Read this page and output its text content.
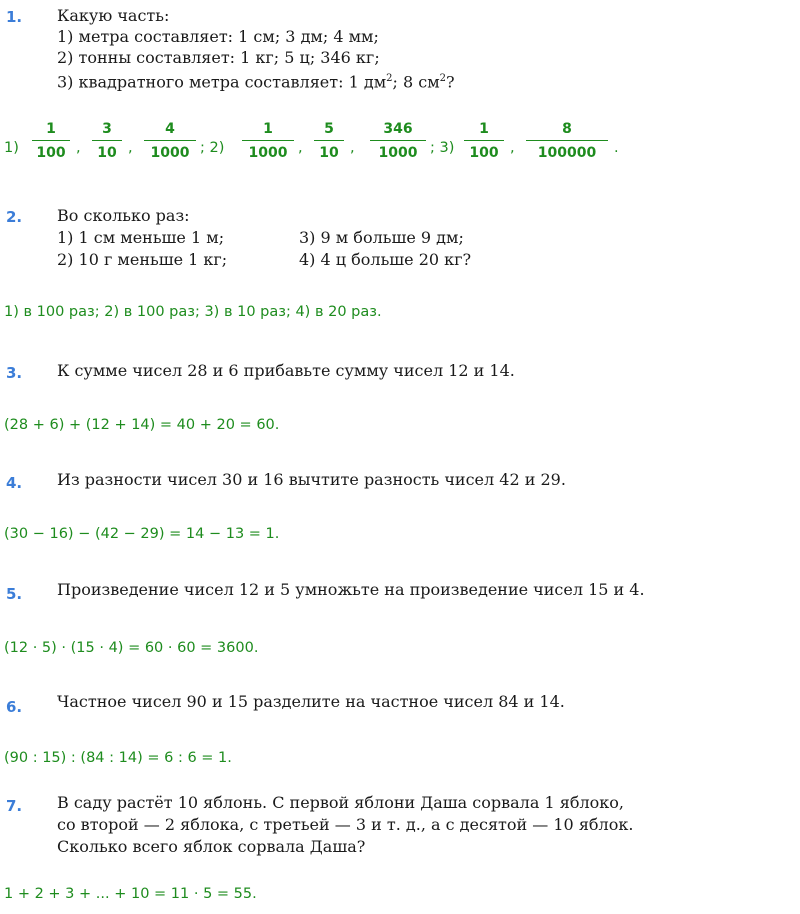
1. Какую часть:
1) метра составляет: 1 см; 3 дм; 4 мм;
2) тонны составляет: 1 кг; 5 ц; 346 кг;
3) квадратного метра составляет: 1 $дм^2$; 8 $см^2$?
1)
1
100 ,
3
10 ,
4
1000 ; 2)
1
1000 ,
5
10 ,
346
1000 ; 3)
1
100 ,
8
100000	.
2. Во сколько раз:
1) 1 см меньше 1 м;
2) 10 г меньше 1 кг;
3) 9 м больше 9 дм;
4) 4 ц больше 20 кг?
1) в 100 раз; 2) в 100 раз; 3) в 10 раз; 4) в 20 раз.
3. К сумме чисел 28 и 6 прибавьте сумму чисел 12 и 14.
(28 + 6) + (12 + 14) = 40 + 20 = 60.
4. Из разности чисел 30 и 16 вычтите разность чисел 42 и 29.
(30 − 16) − (42 − 29) = 14 − 13 = 1.
5. Произведение чисел 12 и 5 умножьте на произведение чисел 15 и 4.
(12 · 5) · (15 · 4) = 60 · 60 = 3600.
6. Частное чисел 90 и 15 разделите на частное чисел 84 и 14.
(90 : 15) : (84 : 14) = 6 : 6 = 1.
7. В саду растёт 10 яблонь. С первой яблони Даша сорвала 1 яблоко,
со второй — 2 яблока, с третьей — 3 и т. д., а с десятой — 10 яблок.
Сколько всего яблок сорвала Даша?
1 + 2 + 3 + ... + 10 = 11 · 5 = 55.
